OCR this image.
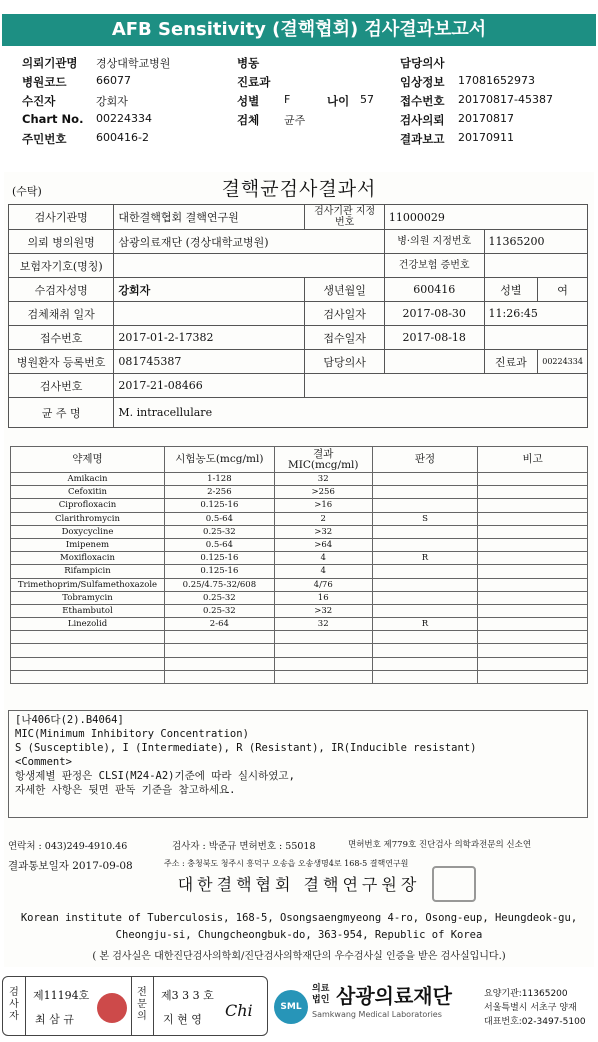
AFB Sensitivity (결핵협회) 검사결과보고서
의뢰기관명 경상대학교병원	병동	담당의사
병원코드	66077	진료과	임상정보 17081652973
수진자	강회자	성별 F	나이 57 접수번호 20170817-45387
Chart No. 00224334	검체 균주	검사의뢰 20170817
주민번호	600416-2	결과보고 20170911
(수탁)	결핵균검사결과서
검사기관명	대한결핵협회 결핵연구원	검사기관 지정번호	11000029		
의뢰 병의원명	삼광의료재단 (경상대학교병원)		병·의원 지정번호	11365200	
보험자기호(명칭)			건강보험 증번호		
수검자성명	강회자	생년월일	600416	성별	여
검체채취 일자		검사일자	2017-08-30	11:26:45	
접수번호	2017-01-2-17382	접수일자	2017-08-18		
병원환자 등록번호	081745387	담당의사		진료과	00224334
검사번호	2017-21-08466				
균 주 명	M. intracellulare				
약제명	시험농도(mcg/ml)	결과 MIC(mcg/ml)	판정	비고
Amikacin	1-128	32		
Cefoxitin	2-256	>256		
Ciprofloxacin	0.125-16	>16		
Clarithromycin	0.5-64	2	S	
Doxycycline	0.25-32	>32		
Imipenem	0.5-64	>64		
Moxifloxacin	0.125-16	4	R	
Rifampicin	0.125-16	4		
Trimethoprim/Sulfamethoxazole	0.25/4.75-32/608	4/76		
Tobramycin	0.25-32	16		
Ethambutol	0.25-32	>32		
Linezolid	2-64	32	R	

[나406다(2).B4064]
MIC(Minimum Inhibitory Concentration)
S (Susceptible), I (Intermediate), R (Resistant), IR(Inducible resistant)
<Comment>
항생제별 판정은 CLSI(M24-A2)기준에 따라 실시하였고,
자세한 사항은 뒷면 판독 기준을 참고하세요.
연락처 : 043)249-4910.46	검사자 : 박준규 면허번호 : 55018	면허번호 제779호 진단검사 의학과전문의 신소연
결과통보일자 2017-09-08	주소 : 충청북도 청주시 흥덕구 오송읍 오송생명4로 168-5 결핵연구원
대한결핵협회 결핵연구원장
Korean institute of Tuberculosis, 168-5, Osongsaengmyeong 4-ro, Osong-eup, Heungdeok-gu,
Cheongju-si, Chungcheongbuk-do, 363-954, Republic of Korea
( 본 검사실은 대한진단검사의학회/진단검사의학재단의 우수검사실 인증을 받은 검사실입니다.)
검
사
자
제11194호
최 삼 규
전
문
의
제3 3 3 호
지 현 영 Chi	SML
의료
법인 삼광의료재단
Samkwang Medical Laboratories
요양기관:11365200
서울특별시 서초구 양재
대표번호:02-3497-5100
